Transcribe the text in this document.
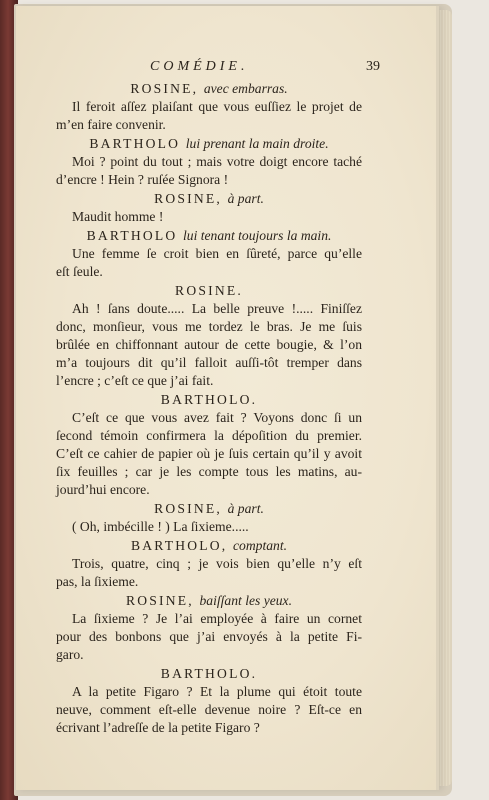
COMÉDIE.	39

ROSINE, avec embarras.

Il feroit aſſez plaiſant que vous euſſiez le projet de

m’en faire convenir.

BARTHOLO lui prenant la main droite.

Moi ? point du tout ; mais votre doigt encore taché

d’encre ! Hein ? ruſée Signora !

ROSINE, à part.

Maudit homme !

BARTHOLO lui tenant toujours la main.

Une femme ſe croit bien en ſûreté, parce qu’elle

eſt ſeule.

ROSINE.

Ah ! ſans doute..... La belle preuve !..... Finiſſez

donc, monſieur, vous me tordez le bras. Je me ſuis

brûlée en chiffonnant autour de cette bougie, & l’on

m’a toujours dit qu’il falloit auſſi-tôt tremper dans

l’encre ; c’eſt ce que j’ai fait.

BARTHOLO.

C’eſt ce que vous avez fait ? Voyons donc ſi un

ſecond témoin confirmera la dépoſition du premier.

C’eſt ce cahier de papier où je ſuis certain qu’il y avoit

ſix feuilles ; car je les compte tous les matins, au-

jourd’hui encore.

ROSINE, à part.

( Oh, imbécille ! ) La ſixieme.....

BARTHOLO, comptant.

Trois, quatre, cinq ; je vois bien qu’elle n’y eſt

pas, la ſixieme.

ROSINE, baiſſant les yeux.

La ſixieme ? Je l’ai employée à faire un cornet

pour des bonbons que j’ai envoyés à la petite Fi-

garo.

BARTHOLO.

A la petite Figaro ? Et la plume qui étoit toute

neuve, comment eſt-elle devenue noire ? Eſt-ce en

écrivant l’adreſſe de la petite Figaro ?
